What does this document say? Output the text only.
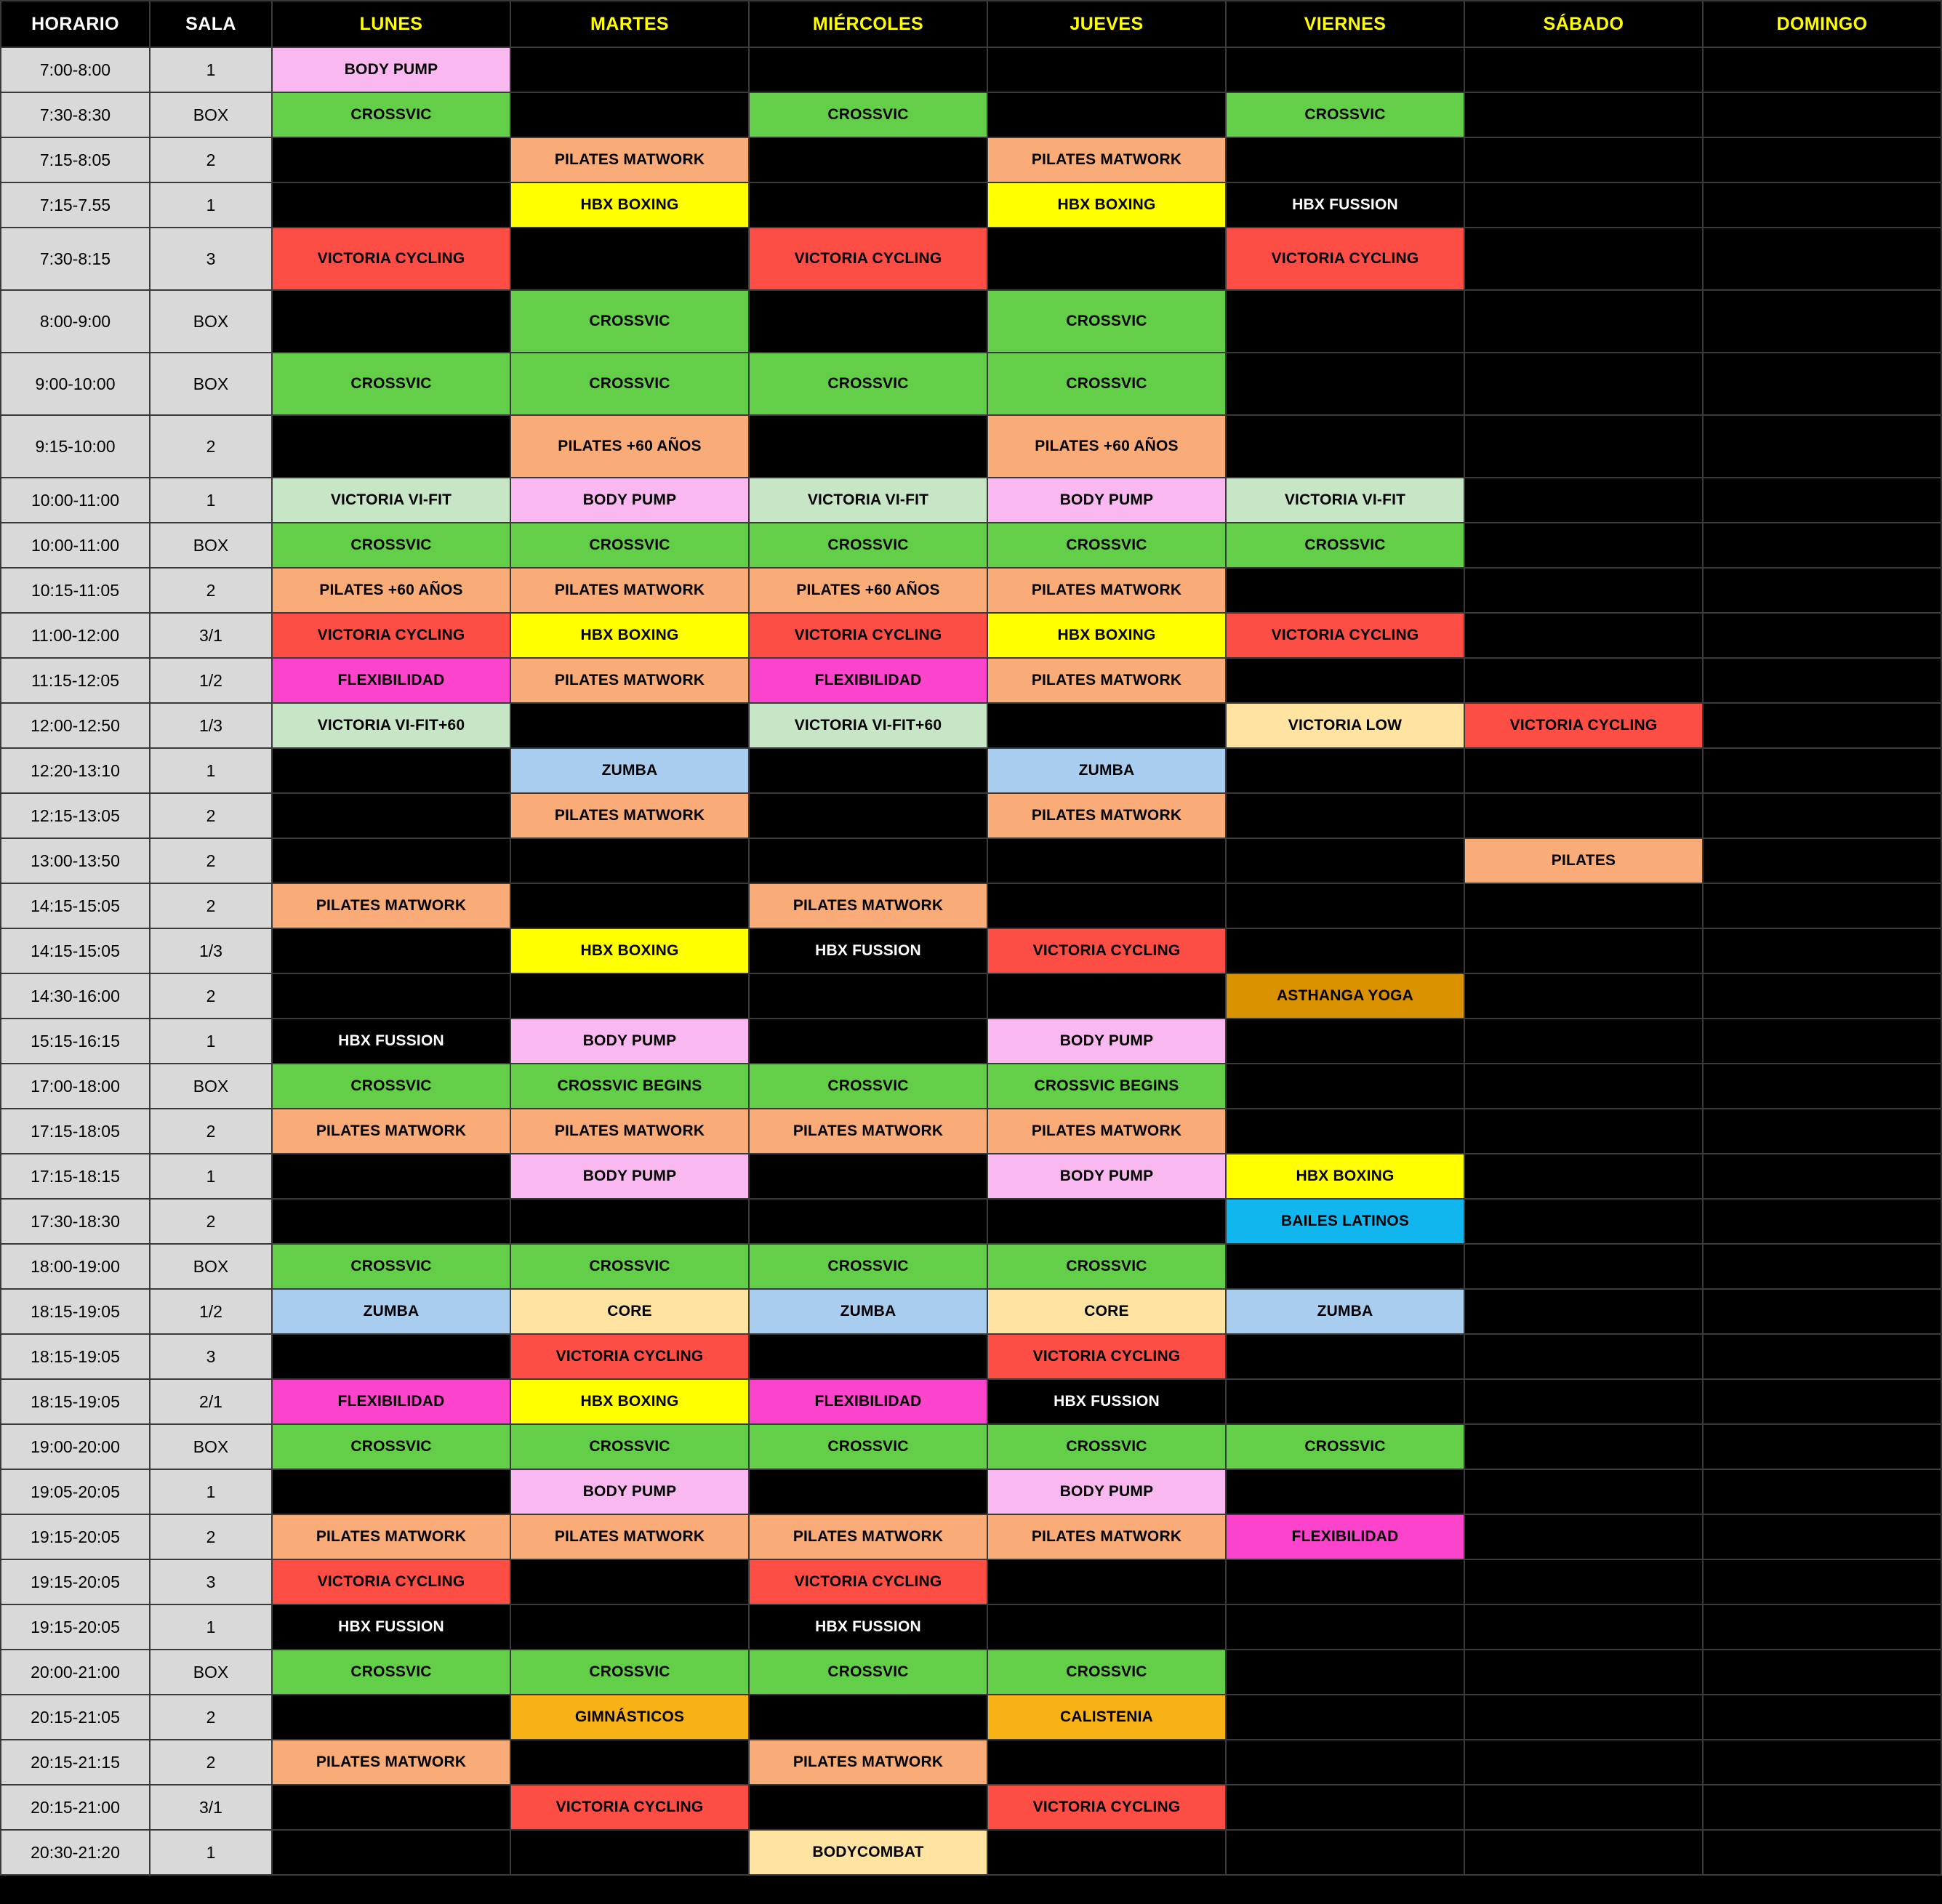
HORARIO	SALA	LUNES	MARTES	MIÉRCOLES	JUEVES	VIERNES	SÁBADO	DOMINGO
7:00-8:00	1	BODY PUMP						

7:30-8:30	BOX	CROSSVIC		CROSSVIC		CROSSVIC		

7:15-8:05	2		PILATES MATWORK		PILATES MATWORK			

7:15-7.55	1		HBX BOXING		HBX BOXING	HBX FUSSION		

7:30-8:15	3	VICTORIA CYCLING		VICTORIA CYCLING		VICTORIA CYCLING		

8:00-9:00	BOX		CROSSVIC		CROSSVIC			

9:00-10:00	BOX	CROSSVIC	CROSSVIC	CROSSVIC	CROSSVIC			

9:15-10:00	2		PILATES +60 AÑOS		PILATES +60 AÑOS			

10:00-11:00	1	VICTORIA VI-FIT	BODY PUMP	VICTORIA VI-FIT	BODY PUMP	VICTORIA VI-FIT		

10:00-11:00	BOX	CROSSVIC	CROSSVIC	CROSSVIC	CROSSVIC	CROSSVIC		

10:15-11:05	2	PILATES +60 AÑOS	PILATES MATWORK	PILATES +60 AÑOS	PILATES MATWORK			

11:00-12:00	3/1	VICTORIA CYCLING	HBX BOXING	VICTORIA CYCLING	HBX BOXING	VICTORIA CYCLING		

11:15-12:05	1/2	FLEXIBILIDAD	PILATES MATWORK	FLEXIBILIDAD	PILATES MATWORK			

12:00-12:50	1/3	VICTORIA VI-FIT+60		VICTORIA VI-FIT+60		VICTORIA LOW	VICTORIA CYCLING	

12:20-13:10	1		ZUMBA		ZUMBA			

12:15-13:05	2		PILATES MATWORK		PILATES MATWORK			

13:00-13:50	2						PILATES	

14:15-15:05	2	PILATES MATWORK		PILATES MATWORK				

14:15-15:05	1/3		HBX BOXING	HBX FUSSION	VICTORIA CYCLING			

14:30-16:00	2					ASTHANGA YOGA		

15:15-16:15	1	HBX FUSSION	BODY PUMP		BODY PUMP			

17:00-18:00	BOX	CROSSVIC	CROSSVIC BEGINS	CROSSVIC	CROSSVIC BEGINS			

17:15-18:05	2	PILATES MATWORK	PILATES MATWORK	PILATES MATWORK	PILATES MATWORK			

17:15-18:15	1		BODY PUMP		BODY PUMP	HBX BOXING		

17:30-18:30	2					BAILES LATINOS		

18:00-19:00	BOX	CROSSVIC	CROSSVIC	CROSSVIC	CROSSVIC			

18:15-19:05	1/2	ZUMBA	CORE	ZUMBA	CORE	ZUMBA		

18:15-19:05	3		VICTORIA CYCLING		VICTORIA CYCLING			

18:15-19:05	2/1	FLEXIBILIDAD	HBX BOXING	FLEXIBILIDAD	HBX FUSSION			

19:00-20:00	BOX	CROSSVIC	CROSSVIC	CROSSVIC	CROSSVIC	CROSSVIC		

19:05-20:05	1		BODY PUMP		BODY PUMP			

19:15-20:05	2	PILATES MATWORK	PILATES MATWORK	PILATES MATWORK	PILATES MATWORK	FLEXIBILIDAD		

19:15-20:05	3	VICTORIA CYCLING		VICTORIA CYCLING				

19:15-20:05	1	HBX FUSSION		HBX FUSSION				

20:00-21:00	BOX	CROSSVIC	CROSSVIC	CROSSVIC	CROSSVIC			

20:15-21:05	2		GIMNÁSTICOS		CALISTENIA			

20:15-21:15	2	PILATES MATWORK		PILATES MATWORK				

20:15-21:00	3/1		VICTORIA CYCLING		VICTORIA CYCLING			

20:30-21:20	1			BODYCOMBAT				
